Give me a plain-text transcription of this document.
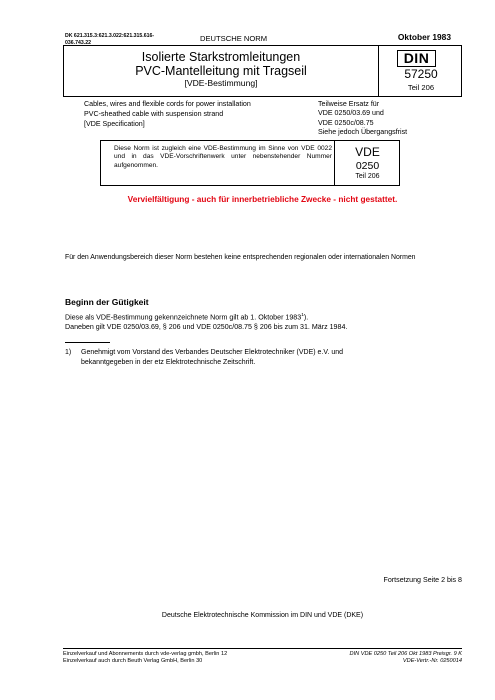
DK 621.315.3:621.3.022:621.315.616-
036.743.22	DEUTSCHE NORM	Oktober 1983
Isolierte Starkstromleitungen
PVC-Mantelleitung mit Tragseil
[VDE-Bestimmung]
DIN
57250
Teil 206
Cables, wires and flexible cords for power installation
PVC-sheathed cable with suspension strand
[VDE Specification]
Teilweise Ersatz für
VDE 0250/03.69 und
VDE 0250c/08.75
Siehe jedoch Übergangsfrist
Diese Norm ist zugleich eine VDE-Bestimmung im Sinne von VDE 0022 und in das VDE-Vorschriftenwerk unter nebenstehender Nummer aufgenommen.
VDE
0250
Teil 206
Vervielfältigung - auch für innerbetriebliche Zwecke - nicht gestattet.
Für den Anwendungsbereich dieser Norm bestehen keine entsprechenden regionalen oder internationalen Normen
Beginn der Gütigkeit
Diese als VDE-Bestimmung gekennzeichnete Norm gilt ab 1. Oktober 1983$^1$).
Daneben gilt VDE 0250/03.69, § 206 und VDE 0250c/08.75 § 206 bis zum 31. März 1984.
1) Genehmigt vom Vorstand des Verbandes Deutscher Elektrotechniker (VDE) e.V. und
bekanntgegeben in der etz Elektrotechnische Zeitschrift.
Fortsetzung Seite 2 bis 8
Deutsche Elektrotechnische Kommission im DIN und VDE (DKE)
Einzelverkauf und Abonnements durch vde-verlag gmbh, Berlin 12
Einzelverkauf auch durch Beuth Verlag GmbH, Berlin 30
DIN VDE 0250 Teil 206 Okt 1983 Preisgr. 9 K
VDE-Vertr.-Nr. 0250014
